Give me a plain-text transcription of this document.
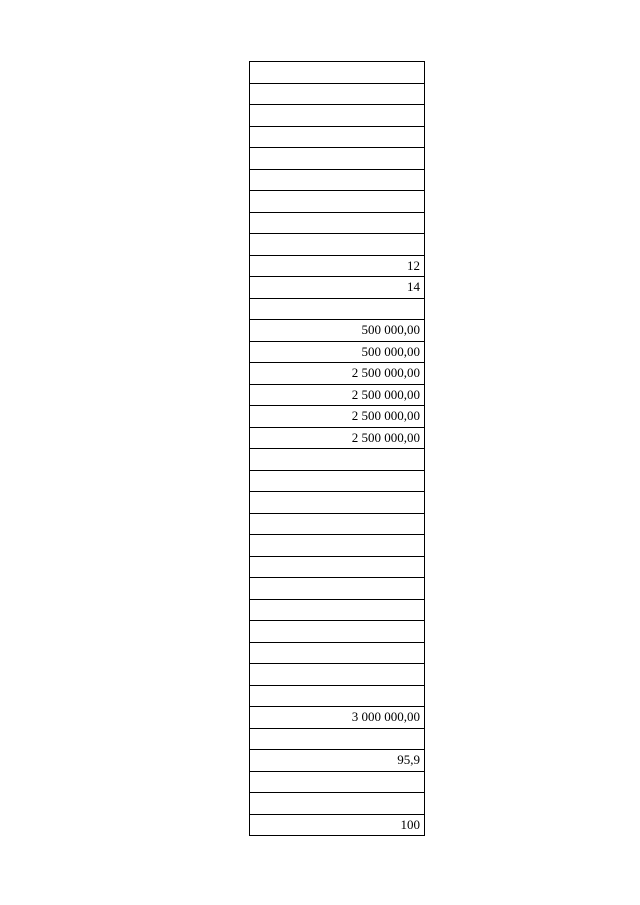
12
14
500 000,00
500 000,00
2 500 000,00
2 500 000,00
2 500 000,00
2 500 000,00
3 000 000,00
95,9
100
